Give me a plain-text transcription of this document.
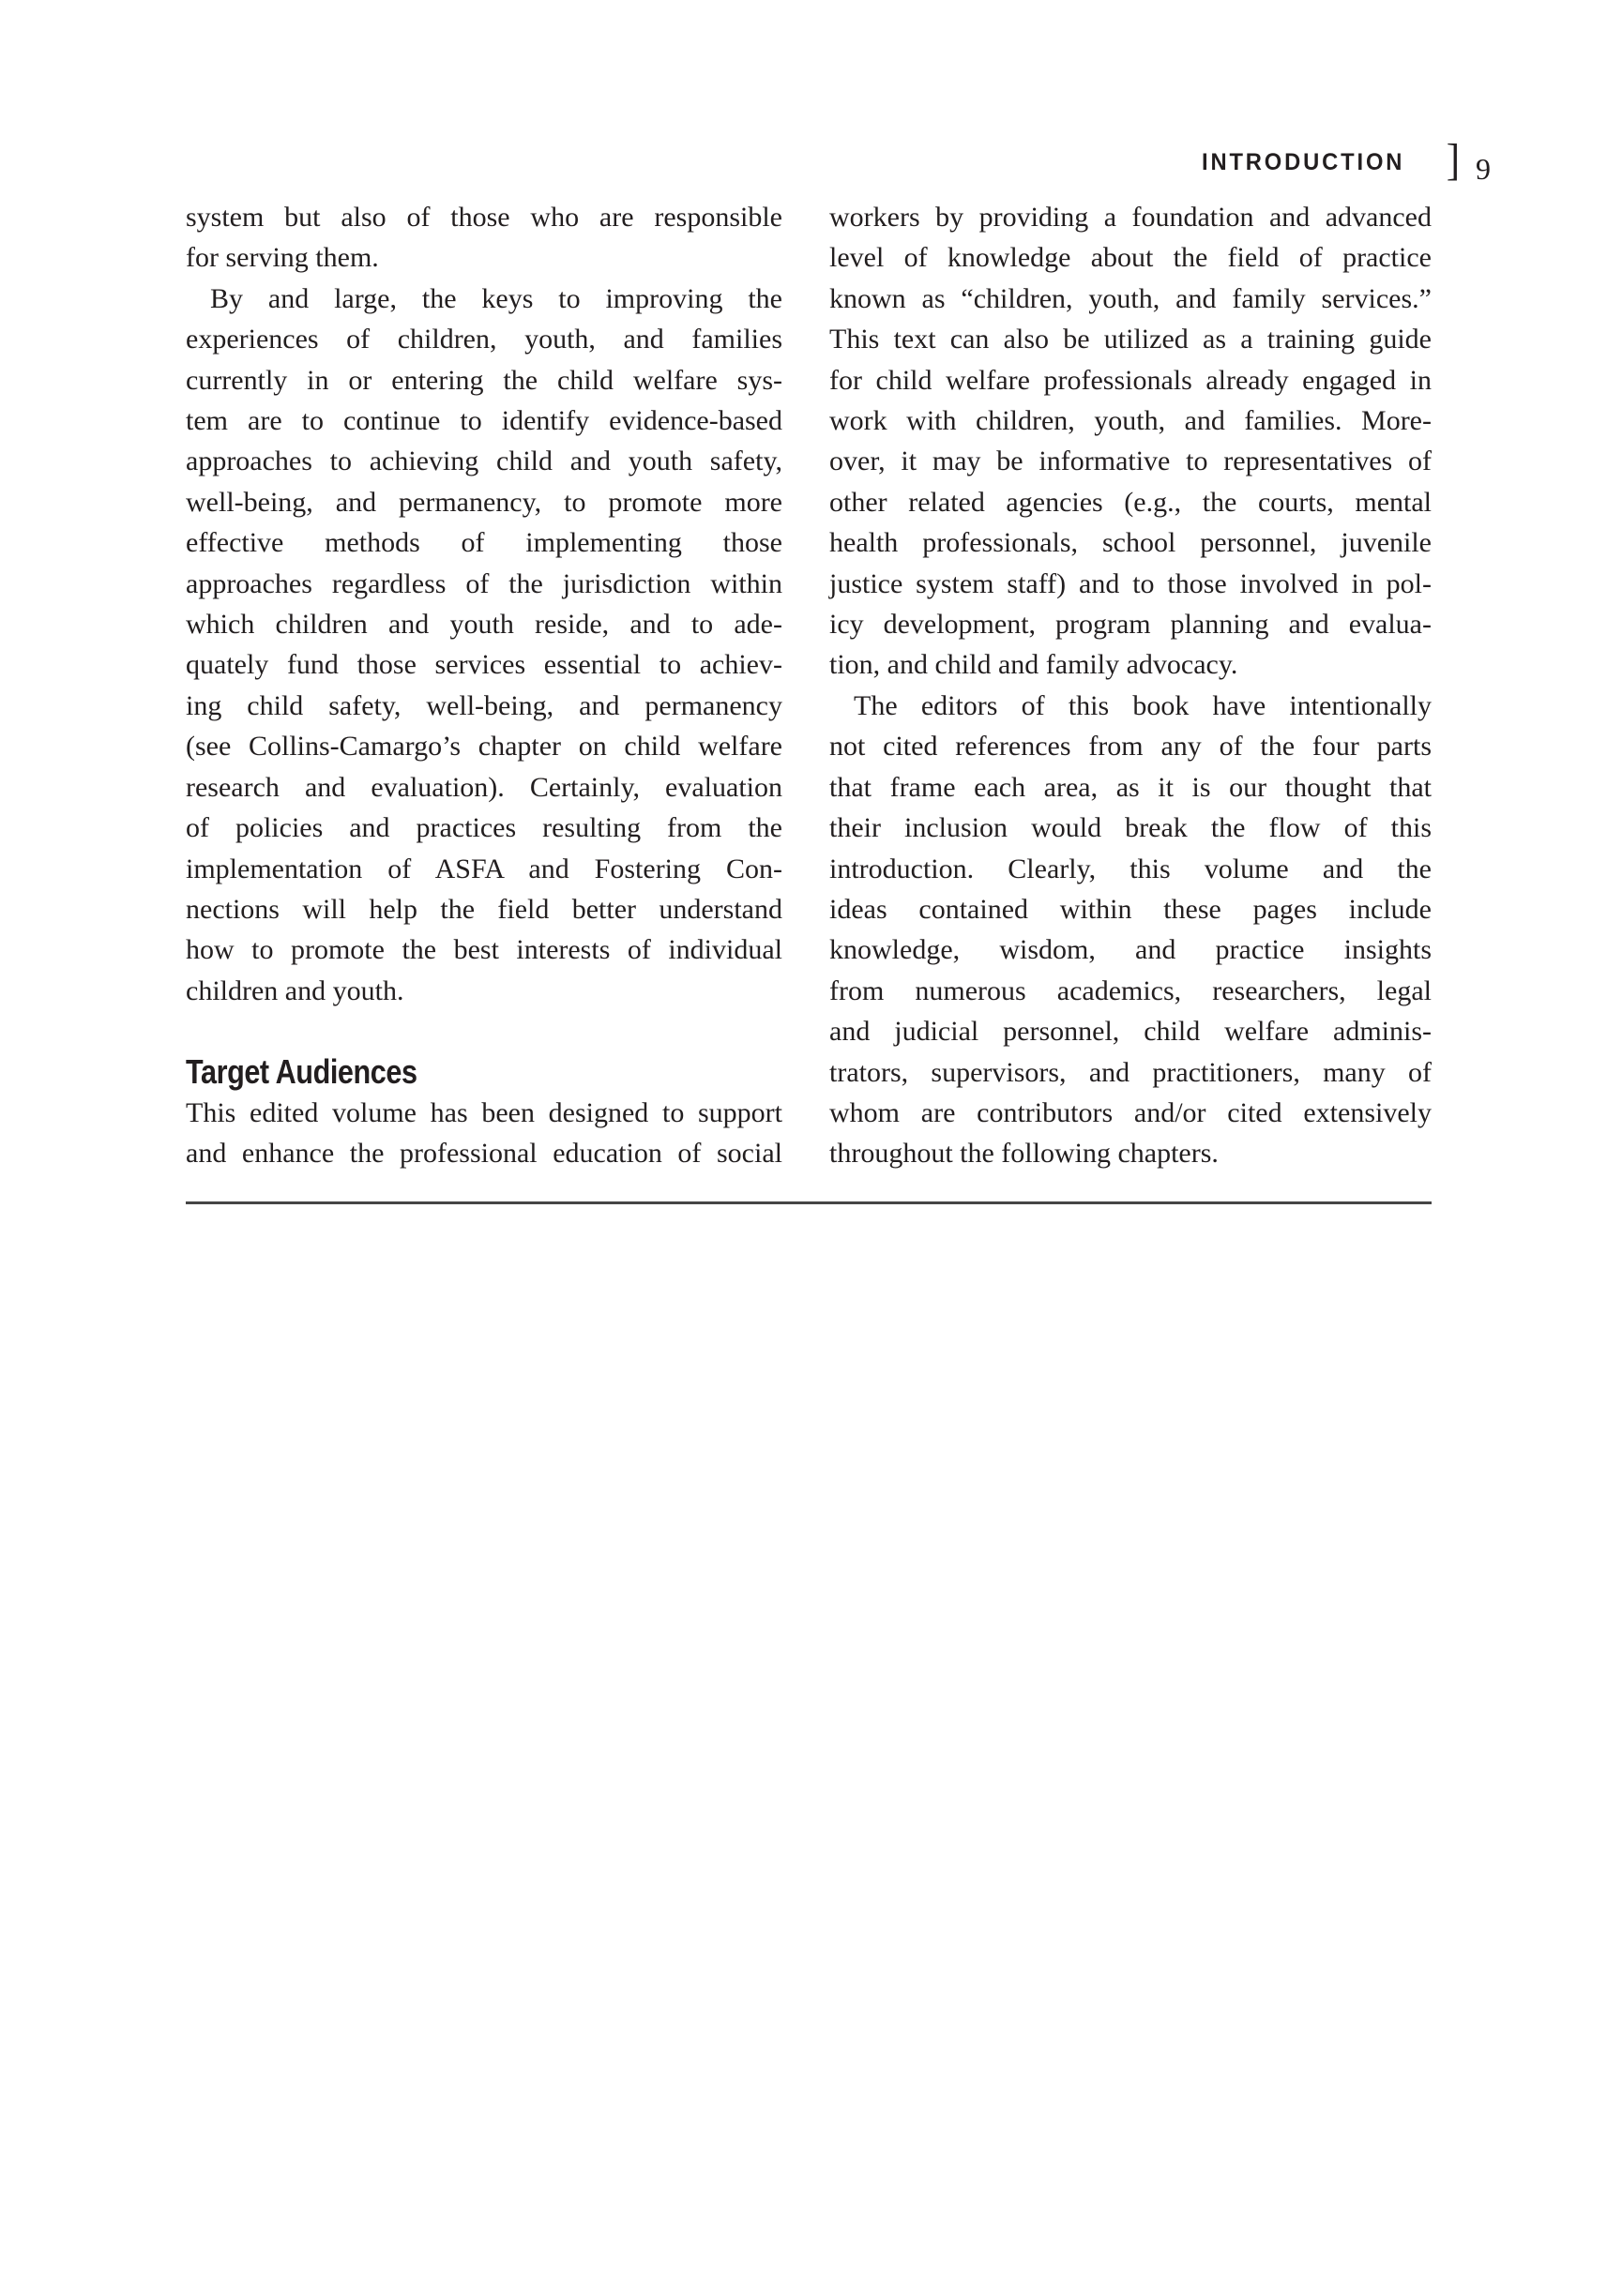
INTRODUCTION ] 9
system but also of those who are responsible
for serving them.
By and large, the keys to improving the
experiences of children, youth, and families
currently in or entering the child welfare sys-
tem are to continue to identify evidence-based
approaches to achieving child and youth safety,
well-being, and permanency, to promote more
effective methods of implementing those
approaches regardless of the jurisdiction within
which children and youth reside, and to ade-
quately fund those services essential to achiev-
ing child safety, well-being, and permanency
(see Collins-Camargo’s chapter on child welfare
research and evaluation). Certainly, evaluation
of policies and practices resulting from the
implementation of ASFA and Fostering Con-
nections will help the field better understand
how to promote the best interests of individual
children and youth.
Target Audiences
This edited volume has been designed to support
and enhance the professional education of social
workers by providing a foundation and advanced
level of knowledge about the field of practice
known as “children, youth, and family services.”
This text can also be utilized as a training guide
for child welfare professionals already engaged in
work with children, youth, and families. More-
over, it may be informative to representatives of
other related agencies (e.g., the courts, mental
health professionals, school personnel, juvenile
justice system staff) and to those involved in pol-
icy development, program planning and evalua-
tion, and child and family advocacy.
The editors of this book have intentionally
not cited references from any of the four parts
that frame each area, as it is our thought that
their inclusion would break the flow of this
introduction. Clearly, this volume and the
ideas contained within these pages include
knowledge, wisdom, and practice insights
from numerous academics, researchers, legal
and judicial personnel, child welfare adminis-
trators, supervisors, and practitioners, many of
whom are contributors and/or cited extensively
throughout the following chapters.
